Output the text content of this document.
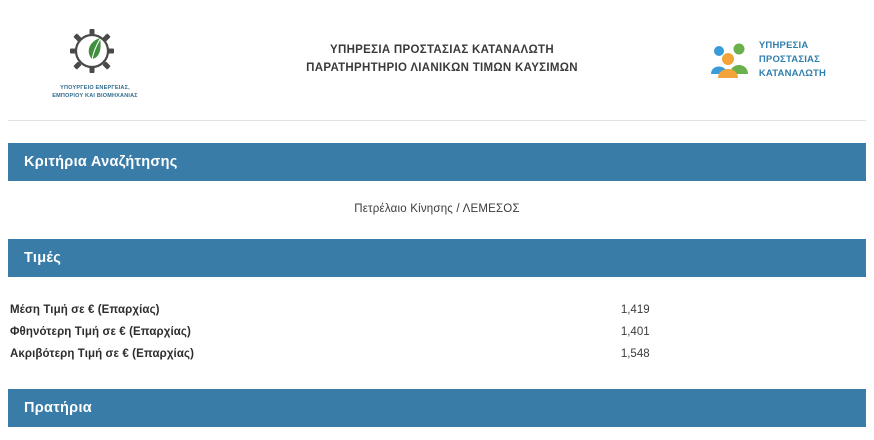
ΥΠΟΥΡΓΕΙΟ ΕΝΕΡΓΕΙΑΣ,
ΕΜΠΟΡΙΟΥ ΚΑΙ ΒΙΟΜΗΧΑΝΙΑΣ
ΥΠΗΡΕΣΙΑ ΠΡΟΣΤΑΣΙΑΣ ΚΑΤΑΝΑΛΩΤΗ
ΠΑΡΑΤΗΡΗΤΗΡΙΟ ΛΙΑΝΙΚΩΝ ΤΙΜΩΝ ΚΑΥΣΙΜΩΝ
ΥΠΗΡΕΣΙΑ
ΠΡΟΣΤΑΣΙΑΣ
ΚΑΤΑΝΑΛΩΤΗ
Κριτήρια Αναζήτησης
Πετρέλαιο Κίνησης / ΛΕΜΕΣΟΣ
Τιμές
Μέση Τιμή σε € (Επαρχίας)	1,419
Φθηνότερη Τιμή σε € (Επαρχίας)	1,401
Ακριβότερη Τιμή σε € (Επαρχίας)	1,548
Πρατήρια
